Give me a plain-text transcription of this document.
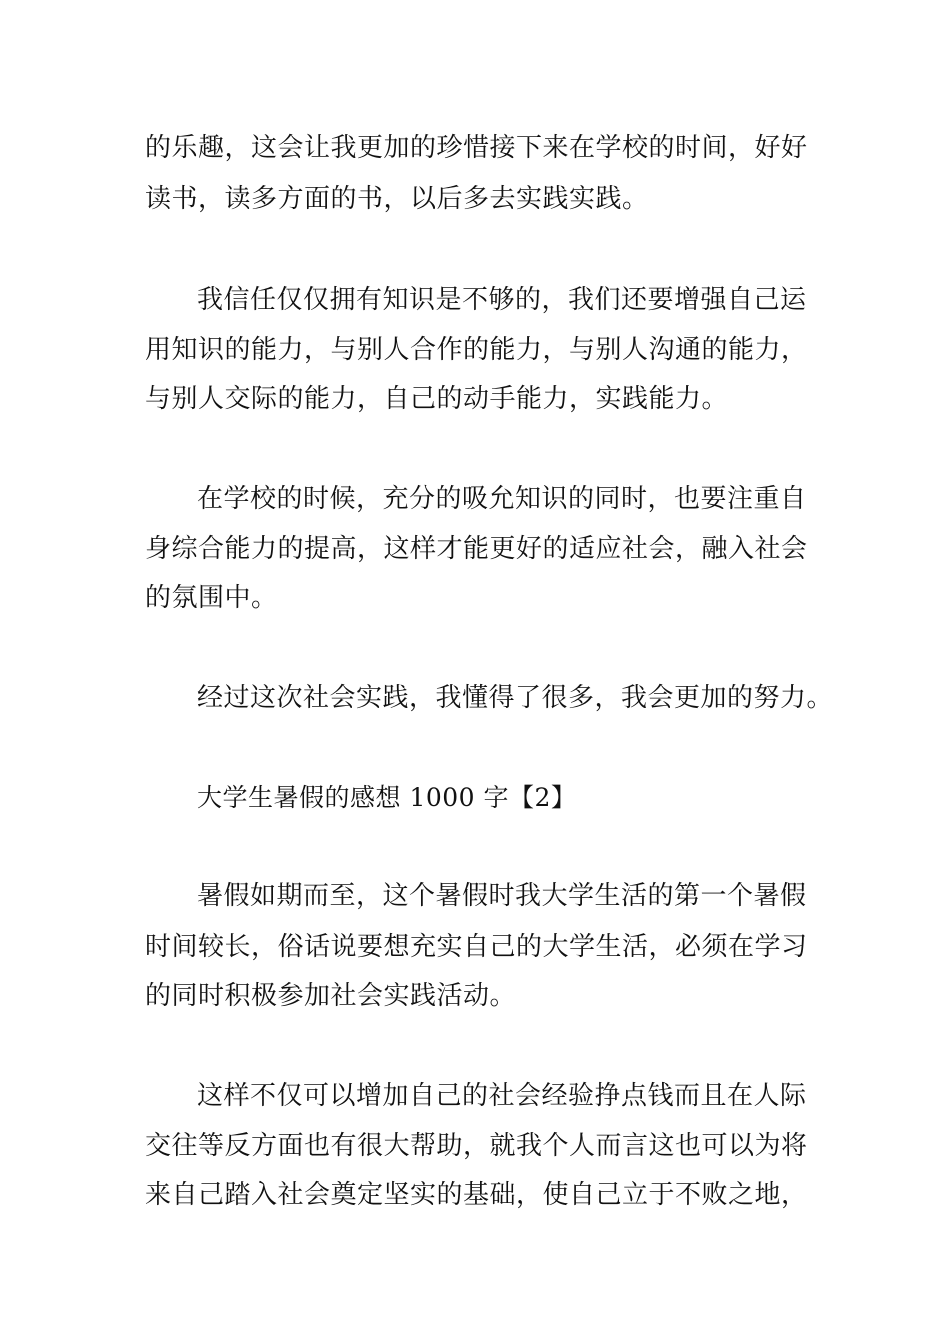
的乐趣，这会让我更加的珍惜接下来在学校的时间，好好
读书，读多方面的书，以后多去实践实践。
我信任仅仅拥有知识是不够的，我们还要增强自己运
用知识的能力，与别人合作的能力，与别人沟通的能力，
与别人交际的能力，自己的动手能力，实践能力。
在学校的时候，充分的吸允知识的同时，也要注重自
身综合能力的提高，这样才能更好的适应社会，融入社会
的氛围中。
经过这次社会实践，我懂得了很多，我会更加的努力。
大学生暑假的感想 1000 字【2】
暑假如期而至，这个暑假时我大学生活的第一个暑假
时间较长，俗话说要想充实自己的大学生活，必须在学习
的同时积极参加社会实践活动。
这样不仅可以增加自己的社会经验挣点钱而且在人际
交往等反方面也有很大帮助，就我个人而言这也可以为将
来自己踏入社会奠定坚实的基础，使自己立于不败之地，
